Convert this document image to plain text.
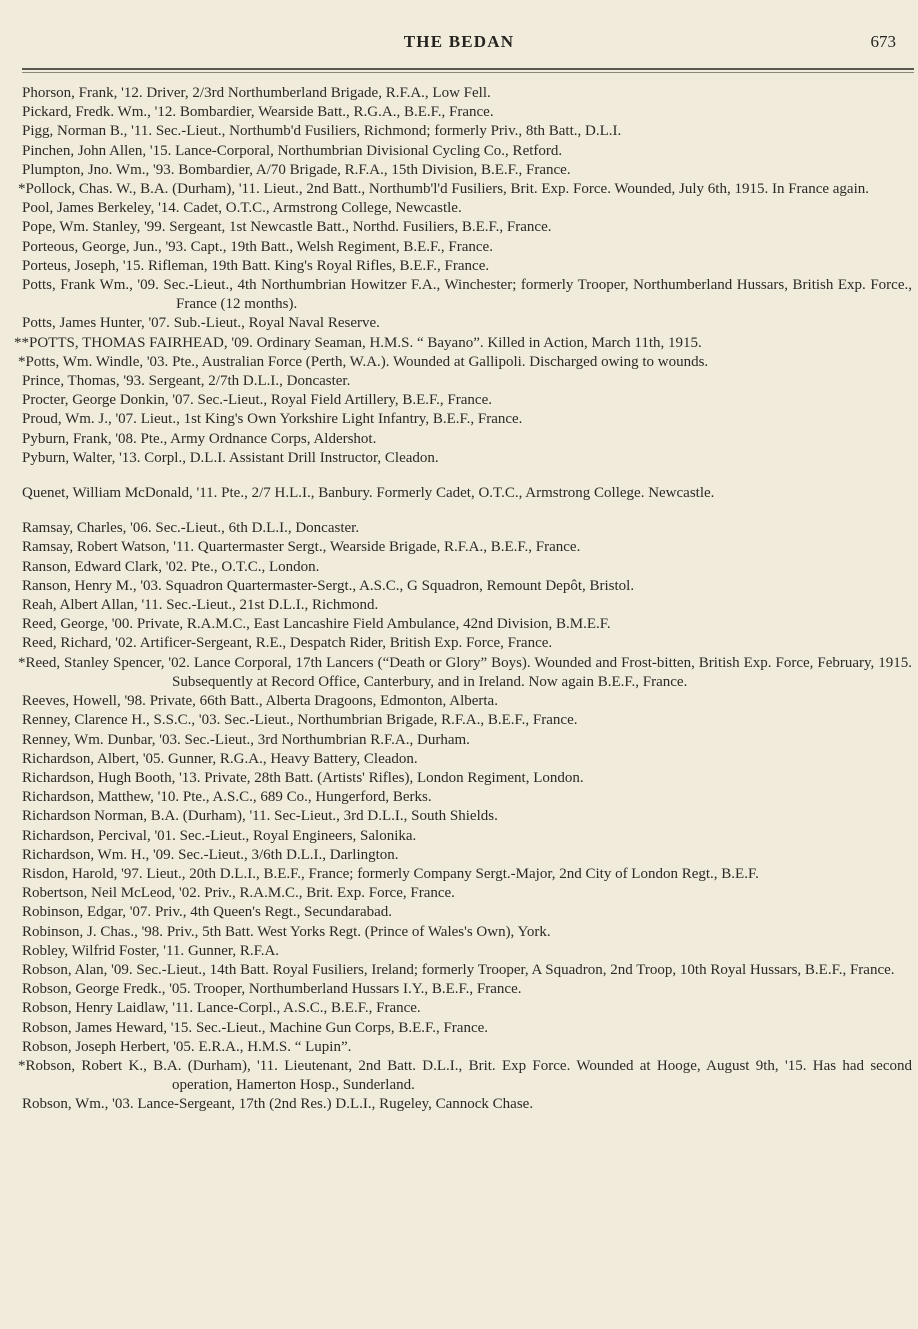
THE BEDAN	673
Phorson, Frank, '12. Driver, 2/3rd Northumberland Brigade, R.F.A., Low Fell.
Pickard, Fredk. Wm., '12. Bombardier, Wearside Batt., R.G.A., B.E.F., France.
Pigg, Norman B., '11. Sec.-Lieut., Northumb'd Fusiliers, Richmond; formerly Priv., 8th Batt., D.L.I.
Pinchen, John Allen, '15. Lance-Corporal, Northumbrian Divisional Cycling Co., Retford.
Plumpton, Jno. Wm., '93. Bombardier, A/70 Brigade, R.F.A., 15th Division, B.E.F., France.
*Pollock, Chas. W., B.A. (Durham), '11. Lieut., 2nd Batt., Northumb'l'd Fusiliers, Brit. Exp. Force. Wounded, July 6th, 1915. In France again.
Pool, James Berkeley, '14. Cadet, O.T.C., Armstrong College, Newcastle.
Pope, Wm. Stanley, '99. Sergeant, 1st Newcastle Batt., Northd. Fusiliers, B.E.F., France.
Porteous, George, Jun., '93. Capt., 19th Batt., Welsh Regiment, B.E.F., France.
Porteus, Joseph, '15. Rifleman, 19th Batt. King's Royal Rifles, B.E.F., France.
Potts, Frank Wm., '09. Sec.-Lieut., 4th Northumbrian Howitzer F.A., Winchester; formerly Trooper, Northumberland Hussars, British Exp. Force., France (12 months).
Potts, James Hunter, '07. Sub.-Lieut., Royal Naval Reserve.
**POTTS, THOMAS FAIRHEAD, '09. Ordinary Seaman, H.M.S. “ Bayano”. Killed in Action, March 11th, 1915.
*Potts, Wm. Windle, '03. Pte., Australian Force (Perth, W.A.). Wounded at Gallipoli. Discharged owing to wounds.
Prince, Thomas, '93. Sergeant, 2/7th D.L.I., Doncaster.
Procter, George Donkin, '07. Sec.-Lieut., Royal Field Artillery, B.E.F., France.
Proud, Wm. J., '07. Lieut., 1st King's Own Yorkshire Light Infantry, B.E.F., France.
Pyburn, Frank, '08. Pte., Army Ordnance Corps, Aldershot.
Pyburn, Walter, '13. Corpl., D.L.I. Assistant Drill Instructor, Cleadon.
Quenet, William McDonald, '11. Pte., 2/7 H.L.I., Banbury. Formerly Cadet, O.T.C., Armstrong College. Newcastle.
Ramsay, Charles, '06. Sec.-Lieut., 6th D.L.I., Doncaster.
Ramsay, Robert Watson, '11. Quartermaster Sergt., Wearside Brigade, R.F.A., B.E.F., France.
Ranson, Edward Clark, '02. Pte., O.T.C., London.
Ranson, Henry M., '03. Squadron Quartermaster-Sergt., A.S.C., G Squadron, Remount Depôt, Bristol.
Reah, Albert Allan, '11. Sec.-Lieut., 21st D.L.I., Richmond.
Reed, George, '00. Private, R.A.M.C., East Lancashire Field Ambulance, 42nd Division, B.M.E.F.
Reed, Richard, '02. Artificer-Sergeant, R.E., Despatch Rider, British Exp. Force, France.
*Reed, Stanley Spencer, '02. Lance Corporal, 17th Lancers (“Death or Glory” Boys). Wounded and Frost-bitten, British Exp. Force, February, 1915. Subsequently at Record Office, Canterbury, and in Ireland. Now again B.E.F., France.
Reeves, Howell, '98. Private, 66th Batt., Alberta Dragoons, Edmonton, Alberta.
Renney, Clarence H., S.S.C., '03. Sec.-Lieut., Northumbrian Brigade, R.F.A., B.E.F., France.
Renney, Wm. Dunbar, '03. Sec.-Lieut., 3rd Northumbrian R.F.A., Durham.
Richardson, Albert, '05. Gunner, R.G.A., Heavy Battery, Cleadon.
Richardson, Hugh Booth, '13. Private, 28th Batt. (Artists' Rifles), London Regiment, London.
Richardson, Matthew, '10. Pte., A.S.C., 689 Co., Hungerford, Berks.
Richardson Norman, B.A. (Durham), '11. Sec-Lieut., 3rd D.L.I., South Shields.
Richardson, Percival, '01. Sec.-Lieut., Royal Engineers, Salonika.
Richardson, Wm. H., '09. Sec.-Lieut., 3/6th D.L.I., Darlington.
Risdon, Harold, '97. Lieut., 20th D.L.I., B.E.F., France; formerly Company Sergt.-Major, 2nd City of London Regt., B.E.F.
Robertson, Neil McLeod, '02. Priv., R.A.M.C., Brit. Exp. Force, France.
Robinson, Edgar, '07. Priv., 4th Queen's Regt., Secundarabad.
Robinson, J. Chas., '98. Priv., 5th Batt. West Yorks Regt. (Prince of Wales's Own), York.
Robley, Wilfrid Foster, '11. Gunner, R.F.A.
Robson, Alan, '09. Sec.-Lieut., 14th Batt. Royal Fusiliers, Ireland; formerly Trooper, A Squadron, 2nd Troop, 10th Royal Hussars, B.E.F., France.
Robson, George Fredk., '05. Trooper, Northumberland Hussars I.Y., B.E.F., France.
Robson, Henry Laidlaw, '11. Lance-Corpl., A.S.C., B.E.F., France.
Robson, James Heward, '15. Sec.-Lieut., Machine Gun Corps, B.E.F., France.
Robson, Joseph Herbert, '05. E.R.A., H.M.S. “ Lupin”.
*Robson, Robert K., B.A. (Durham), '11. Lieutenant, 2nd Batt. D.L.I., Brit. Exp Force. Wounded at Hooge, August 9th, '15. Has had second operation, Hamerton Hosp., Sunderland.
Robson, Wm., '03. Lance-Sergeant, 17th (2nd Res.) D.L.I., Rugeley, Cannock Chase.
